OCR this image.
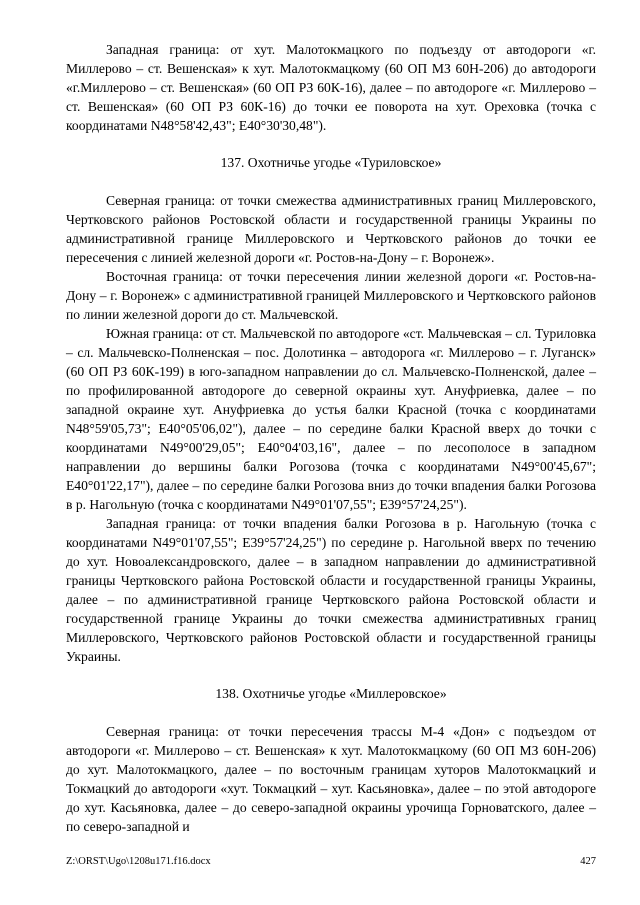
Западная граница: от хут. Малотокмацкого по подъезду от автодороги «г. Миллерово – ст. Вешенская» к хут. Малотокмацкому (60 ОП МЗ 60Н-206) до автодороги «г.Миллерово – ст. Вешенская» (60 ОП РЗ 60К-16), далее – по автодороге «г. Миллерово – ст. Вешенская» (60 ОП РЗ 60К-16) до точки ее поворота на хут. Ореховка (точка с координатами N48°58'42,43"; E40°30'30,48").

137. Охотничье угодье «Туриловское»

Северная граница: от точки смежества административных границ Миллеровского, Чертковского районов Ростовской области и государственной границы Украины по административной границе Миллеровского и Чертковского районов до точки ее пересечения с линией железной дороги «г. Ростов-на-Дону – г. Воронеж».

Восточная граница: от точки пересечения линии железной дороги «г. Ростов-на-Дону – г. Воронеж» с административной границей Миллеровского и Чертковского районов по линии железной дороги до ст. Мальчевской.

Южная граница: от ст. Мальчевской по автодороге «ст. Мальчевская – сл. Туриловка – сл. Мальчевско-Полненская – пос. Долотинка – автодорога «г. Миллерово – г. Луганск» (60 ОП РЗ 60К-199) в юго-западном направлении до сл. Мальчевско-Полненской, далее – по профилированной автодороге до северной окраины хут. Ануфриевка, далее – по западной окраине хут. Ануфриевка до устья балки Красной (точка с координатами N48°59'05,73"; E40°05'06,02"), далее – по середине балки Красной вверх до точки с координатами N49°00'29,05"; E40°04'03,16", далее – по лесополосе в западном направлении до вершины балки Рогозова (точка с координатами N49°00'45,67"; E40°01'22,17"), далее – по середине балки Рогозова вниз до точки впадения балки Рогозова в р. Нагольную (точка с координатами N49°01'07,55"; E39°57'24,25").

Западная граница: от точки впадения балки Рогозова в р. Нагольную (точка с координатами N49°01'07,55"; E39°57'24,25") по середине р. Нагольной вверх по течению до хут. Новоалександровского, далее – в западном направлении до административной границы Чертковского района Ростовской области и государственной границы Украины, далее – по административной границе Чертковского района Ростовской области и государственной границе Украины до точки смежества административных границ Миллеровского, Чертковского районов Ростовской области и государственной границы Украины.

138. Охотничье угодье «Миллеровское»

Северная граница: от точки пересечения трассы М-4 «Дон» с подъездом от автодороги «г. Миллерово – ст. Вешенская» к хут. Малотокмацкому (60 ОП МЗ 60Н-206) до хут. Малотокмацкого, далее – по восточным границам хуторов Малотокмацкий и Токмацкий до автодороги «хут. Токмацкий – хут. Касьяновка», далее – по этой автодороге до хут. Касьяновка, далее – до северо-западной окраины урочища Горноватского, далее – по северо-западной и

Z:\ORST\Ugo\1208u171.f16.docx	427
